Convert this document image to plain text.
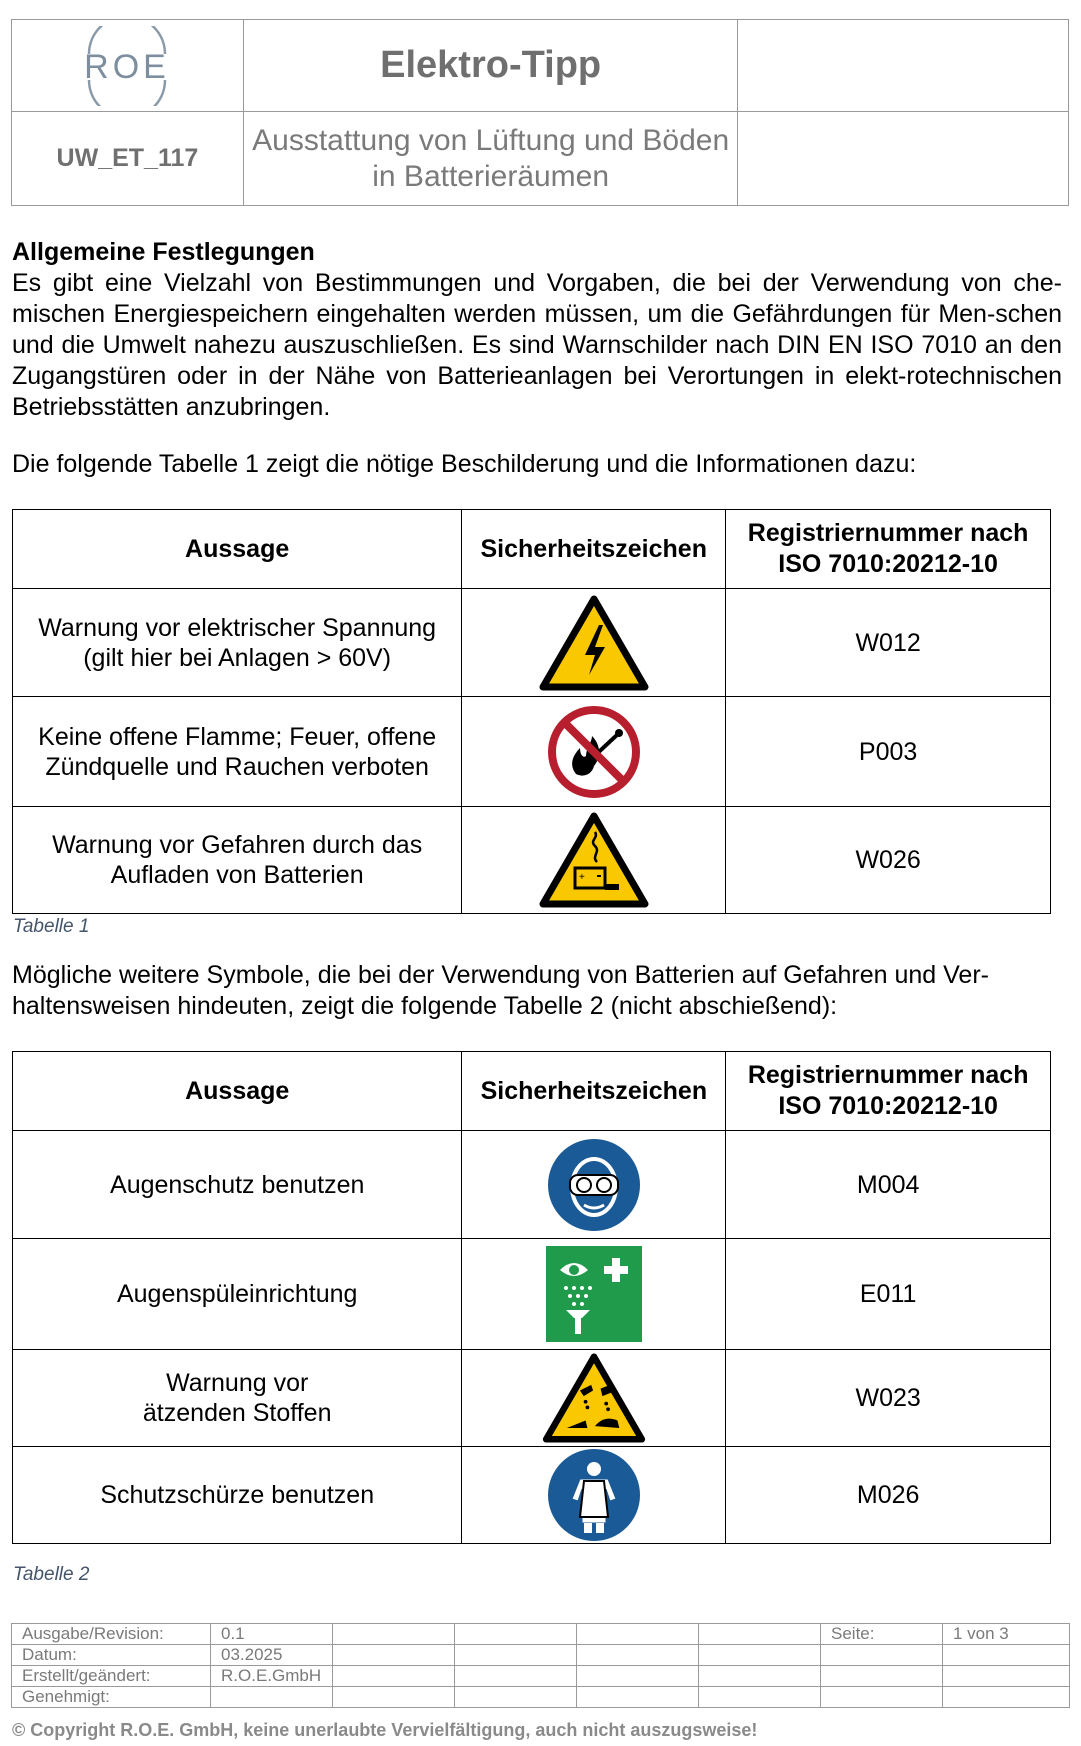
ROE	Elektro-Tipp	
UW_ET_117	Ausstattung von Lüftung und Böden
in Batterieräumen	

Allgemeine Festlegungen
Es gibt eine Vielzahl von Bestimmungen und Vorgaben, die bei der Verwendung von che-mischen Energiespeichern eingehalten werden müssen, um die Gefährdungen für Men-schen und die Umwelt nahezu auszuschließen. Es sind Warnschilder nach DIN EN ISO 7010 an den Zugangstüren oder in der Nähe von Batterieanlagen bei Verortungen in elekt-rotechnischen Betriebsstätten anzubringen.
Die folgende Tabelle 1 zeigt die nötige Beschilderung und die Informationen dazu:
Aussage	Sicherheitszeichen	Registriernummer nach
ISO 7010:20212-10

Warnung vor elektrischer Spannung
(gilt hier bei Anlagen > 60V)		W012

Keine offene Flamme; Feuer, offene
Zündquelle und Rauchen verboten		P003

Warnung vor Gefahren durch das
Aufladen von Batterien	+	W026
Tabelle 1
Mögliche weitere Symbole, die bei der Verwendung von Batterien auf Gefahren und Ver-haltensweisen hindeuten, zeigt die folgende Tabelle 2 (nicht abschießend):
Aussage	Sicherheitszeichen	Registriernummer nach
ISO 7010:20212-10

Augenschutz benutzen		M004
Augenspüleinrichtung		E011

Warnung vor
ätzenden Stoffen		W023
Schutzschürze benutzen		M026
Tabelle 2
Ausgabe/Revision:	0.1					Seite:	1 von 3
Datum:	03.2025						
Erstellt/geändert:	R.O.E.GmbH						
Genehmigt:							
© Copyright R.O.E. GmbH, keine unerlaubte Vervielfältigung, auch nicht auszugsweise!
